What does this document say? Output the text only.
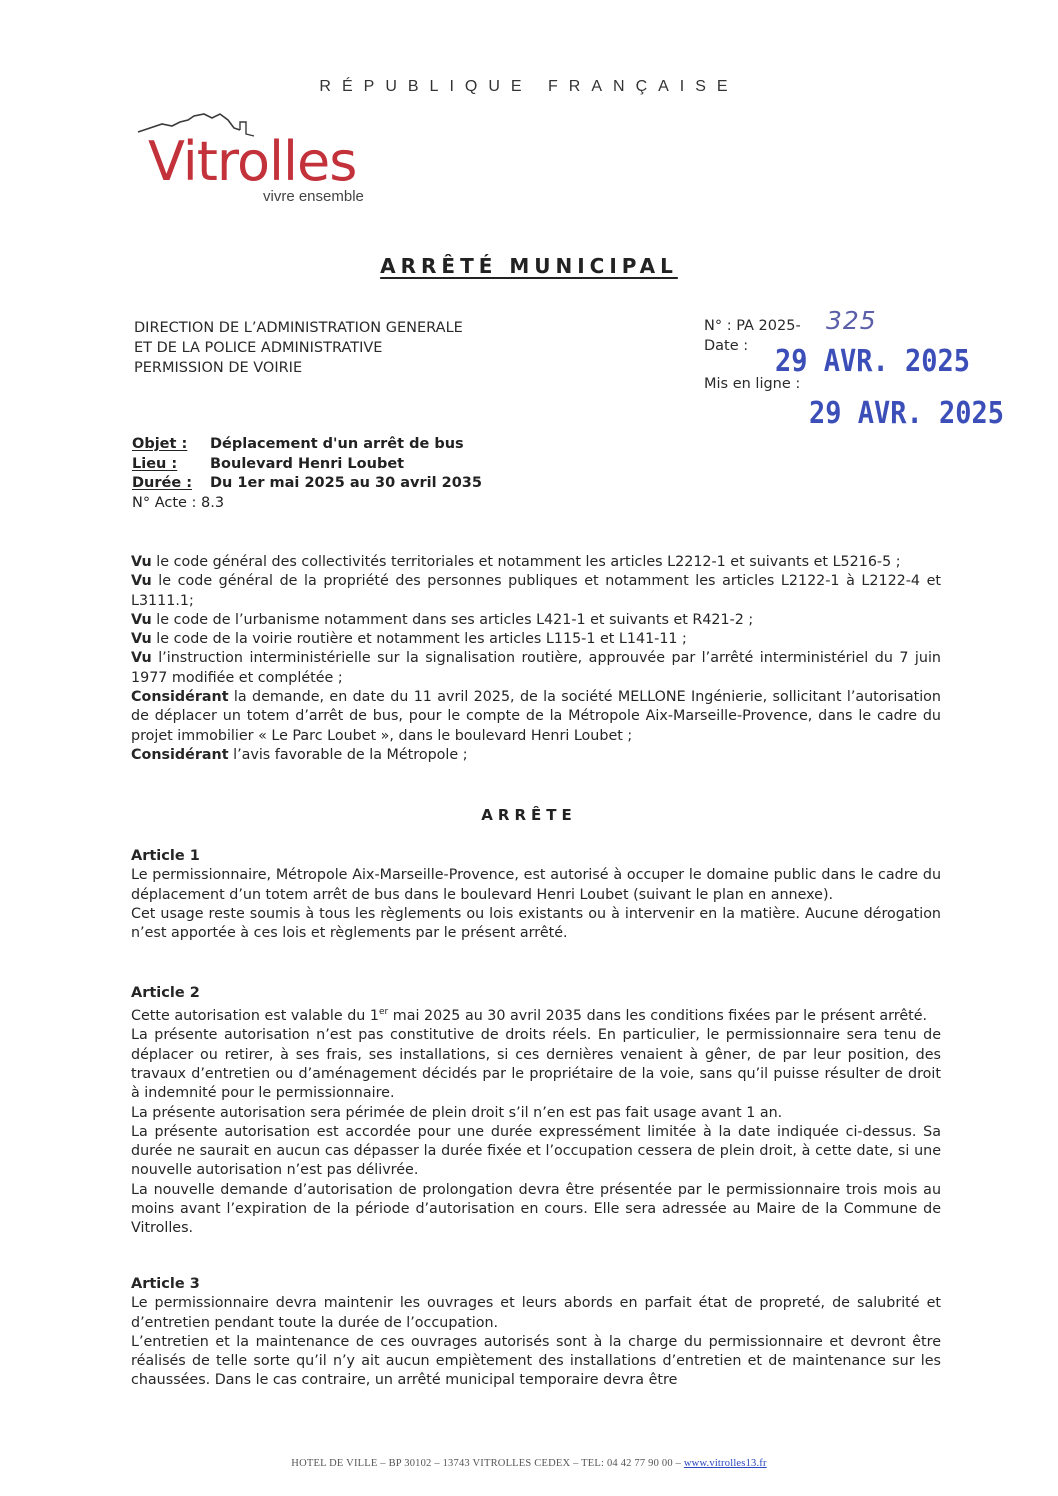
RÉPUBLIQUE FRANÇAISE
Vitrolles
vivre ensemble
ARRÊTÉ MUNICIPAL
DIRECTION DE L’ADMINISTRATION GENERALE
ET DE LA POLICE ADMINISTRATIVE
PERMISSION DE VOIRIE
N° : PA 2025- 325
Date : 29 AVR. 2025
Mis en ligne :
29 AVR. 2025
Objet : Déplacement d'un arrêt de bus
Lieu : Boulevard Henri Loubet
Durée : Du 1er mai 2025 au 30 avril 2035
N° Acte : 8.3

Vu le code général des collectivités territoriales et notamment les articles L2212-1 et suivants et L5216-5 ;

Vu le code général de la propriété des personnes publiques et notamment les articles L2122-1 à L2122-4 et L3111.1;

Vu le code de l’urbanisme notamment dans ses articles L421-1 et suivants et R421-2 ;

Vu le code de la voirie routière et notamment les articles L115-1 et L141-11 ;

Vu l’instruction interministérielle sur la signalisation routière, approuvée par l’arrêté interministériel du 7 juin 1977 modifiée et complétée ;

Considérant la demande, en date du 11 avril 2025, de la société MELLONE Ingénierie, sollicitant l’autorisation de déplacer un totem d’arrêt de bus, pour le compte de la Métropole Aix-Marseille-Provence, dans le cadre du projet immobilier « Le Parc Loubet », dans le boulevard Henri Loubet ;

Considérant l’avis favorable de la Métropole ;

ARRÊTE

Article 1

Le permissionnaire, Métropole Aix-Marseille-Provence, est autorisé à occuper le domaine public dans le cadre du déplacement d’un totem arrêt de bus dans le boulevard Henri Loubet (suivant le plan en annexe).

Cet usage reste soumis à tous les règlements ou lois existants ou à intervenir en la matière. Aucune dérogation n’est apportée à ces lois et règlements par le présent arrêté.

Article 2

Cette autorisation est valable du 1er mai 2025 au 30 avril 2035 dans les conditions fixées par le présent arrêté.

La présente autorisation n’est pas constitutive de droits réels. En particulier, le permissionnaire sera tenu de déplacer ou retirer, à ses frais, ses installations, si ces dernières venaient à gêner, de par leur position, des travaux d’entretien ou d’aménagement décidés par le propriétaire de la voie, sans qu’il puisse résulter de droit à indemnité pour le permissionnaire.

La présente autorisation sera périmée de plein droit s’il n’en est pas fait usage avant 1 an.

La présente autorisation est accordée pour une durée expressément limitée à la date indiquée ci-dessus. Sa durée ne saurait en aucun cas dépasser la durée fixée et l’occupation cessera de plein droit, à cette date, si une nouvelle autorisation n’est pas délivrée.

La nouvelle demande d’autorisation de prolongation devra être présentée par le permissionnaire trois mois au moins avant l’expiration de la période d’autorisation en cours. Elle sera adressée au Maire de la Commune de Vitrolles.

Article 3

Le permissionnaire devra maintenir les ouvrages et leurs abords en parfait état de propreté, de salubrité et d’entretien pendant toute la durée de l’occupation.

L’entretien et la maintenance de ces ouvrages autorisés sont à la charge du permissionnaire et devront être réalisés de telle sorte qu’il n’y ait aucun empiètement des installations d’entretien et de maintenance sur les chaussées. Dans le cas contraire, un arrêté municipal temporaire devra être

HOTEL DE VILLE – BP 30102 – 13743 VITROLLES CEDEX – TEL: 04 42 77 90 00 – www.vitrolles13.fr
